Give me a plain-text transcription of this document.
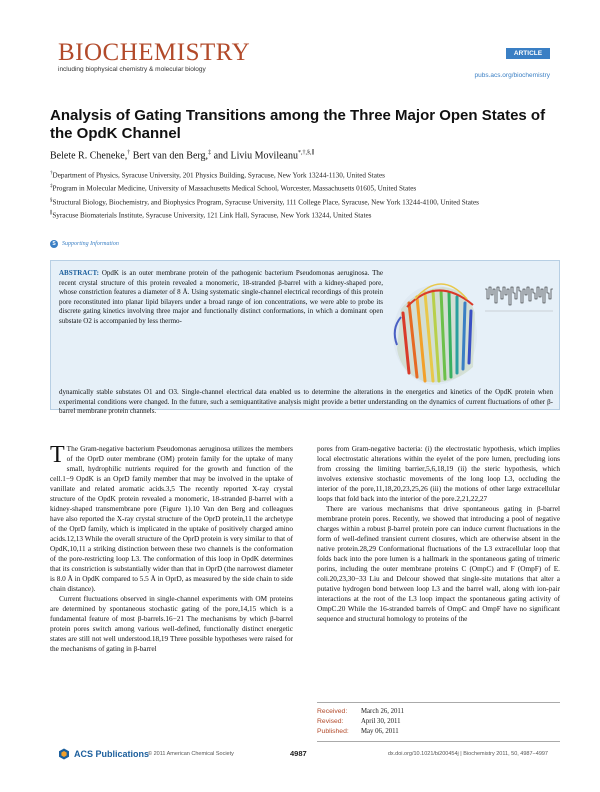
BIOCHEMISTRY
including biophysical chemistry & molecular biology
ARTICLE
pubs.acs.org/biochemistry
Analysis of Gating Transitions among the Three Major Open States of the OpdK Channel
Belete R. Cheneke,† Bert van den Berg,‡ and Liviu Movileanu*,†,§,∥
†Department of Physics, Syracuse University, 201 Physics Building, Syracuse, New York 13244-1130, United States
‡Program in Molecular Medicine, University of Massachusetts Medical School, Worcester, Massachusetts 01605, United States
§Structural Biology, Biochemistry, and Biophysics Program, Syracuse University, 111 College Place, Syracuse, New York 13244-4100, United States
∥Syracuse Biomaterials Institute, Syracuse University, 121 Link Hall, Syracuse, New York 13244, United States
S	Supporting Information
ABSTRACT: OpdK is an outer membrane protein of the pathogenic bacterium Pseudomonas aeruginosa. The recent crystal structure of this protein revealed a monomeric, 18-stranded β-barrel with a kidney-shaped pore, whose constriction features a diameter of 8 Å. Using systematic single-channel electrical recordings of this protein pore reconstituted into planar lipid bilayers under a broad range of ion concentrations, we were able to probe its discrete gating kinetics involving three major and functionally distinct conformations, in which a dominant open substate O2 is accompanied by less thermo-
dynamically stable substates O1 and O3. Single-channel electrical data enabled us to determine the alterations in the energetics and kinetics of the OpdK protein when experimental conditions were changed. In the future, such a semiquantitative analysis might provide a better understanding on the dynamics of current fluctuations of other β-barrel membrane protein channels.

T The Gram-negative bacterium Pseudomonas aeruginosa utilizes the members of the OprD outer membrane (OM) protein family for the uptake of many small, hydrophilic nutrients required for the growth and function of the cell.1−9 OpdK is an OprD family member that may be involved in the uptake of vanillate and related aromatic acids.3,5 The recently reported X-ray crystal structure of the OpdK protein revealed a monomeric, 18-stranded β-barrel with a kidney-shaped transmembrane pore (Figure 1).10 Van den Berg and colleagues have also reported the X-ray crystal structure of the OprD protein,11 the archetype of the OprD family, which is implicated in the uptake of positively charged amino acids.12,13 While the overall structure of the OprD protein is very similar to that of OpdK,10,11 a striking distinction between these two channels is the conformation of the pore-restricting loop L3. The conformation of this loop in OpdK determines that its constriction is substantially wider than that in OprD (the narrowest diameter is 8.0 Å in OpdK compared to 5.5 Å in OprD, as measured by the side chain to side chain distance).

Current fluctuations observed in single-channel experiments with OM proteins are determined by spontaneous stochastic gating of the pore,14,15 which is a fundamental feature of most β-barrels.16−21 The mechanisms by which β-barrel protein pores switch among various well-defined, functionally distinct energetic states are still not well understood.18,19 Three possible hypotheses were raised for the mechanisms of gating in β-barrel

pores from Gram-negative bacteria: (i) the electrostatic hypothesis, which implies local electrostatic alterations within the eyelet of the pore lumen, precluding ions from crossing the limiting barrier,5,6,18,19 (ii) the steric hypothesis, which involves extensive stochastic movements of the long loop L3, occluding the interior of the pore,11,18,20,23,25,26 (iii) the motions of other large extracellular loops that fold back into the interior of the pore.2,21,22,27

There are various mechanisms that drive spontaneous gating in β-barrel membrane protein pores. Recently, we showed that introducing a pool of negative charges within a robust β-barrel protein pore can induce current fluctuations in the form of well-defined transient current closures, which are otherwise absent in the native protein.28,29 Conformational fluctuations of the L3 extracellular loop that folds back into the pore lumen is a hallmark in the spontaneous gating of trimeric porins, including the outer membrane proteins C (OmpC) and F (OmpF) of E. coli.20,23,30−33 Liu and Delcour showed that single-site mutations that alter a putative hydrogen bond between loop L3 and the barrel wall, along with ion-pair interactions at the root of the L3 loop impact the spontaneous gating activity of OmpC.20 While the 16-stranded barrels of OmpC and OmpF have no significant sequence and structural homology to proteins of the

Received:	March 26, 2011
Revised:	April 30, 2011
Published:	May 06, 2011
ACS Publications
© 2011 American Chemical Society	4987	dx.doi.org/10.1021/bi200454j | Biochemistry 2011, 50, 4987−4997
